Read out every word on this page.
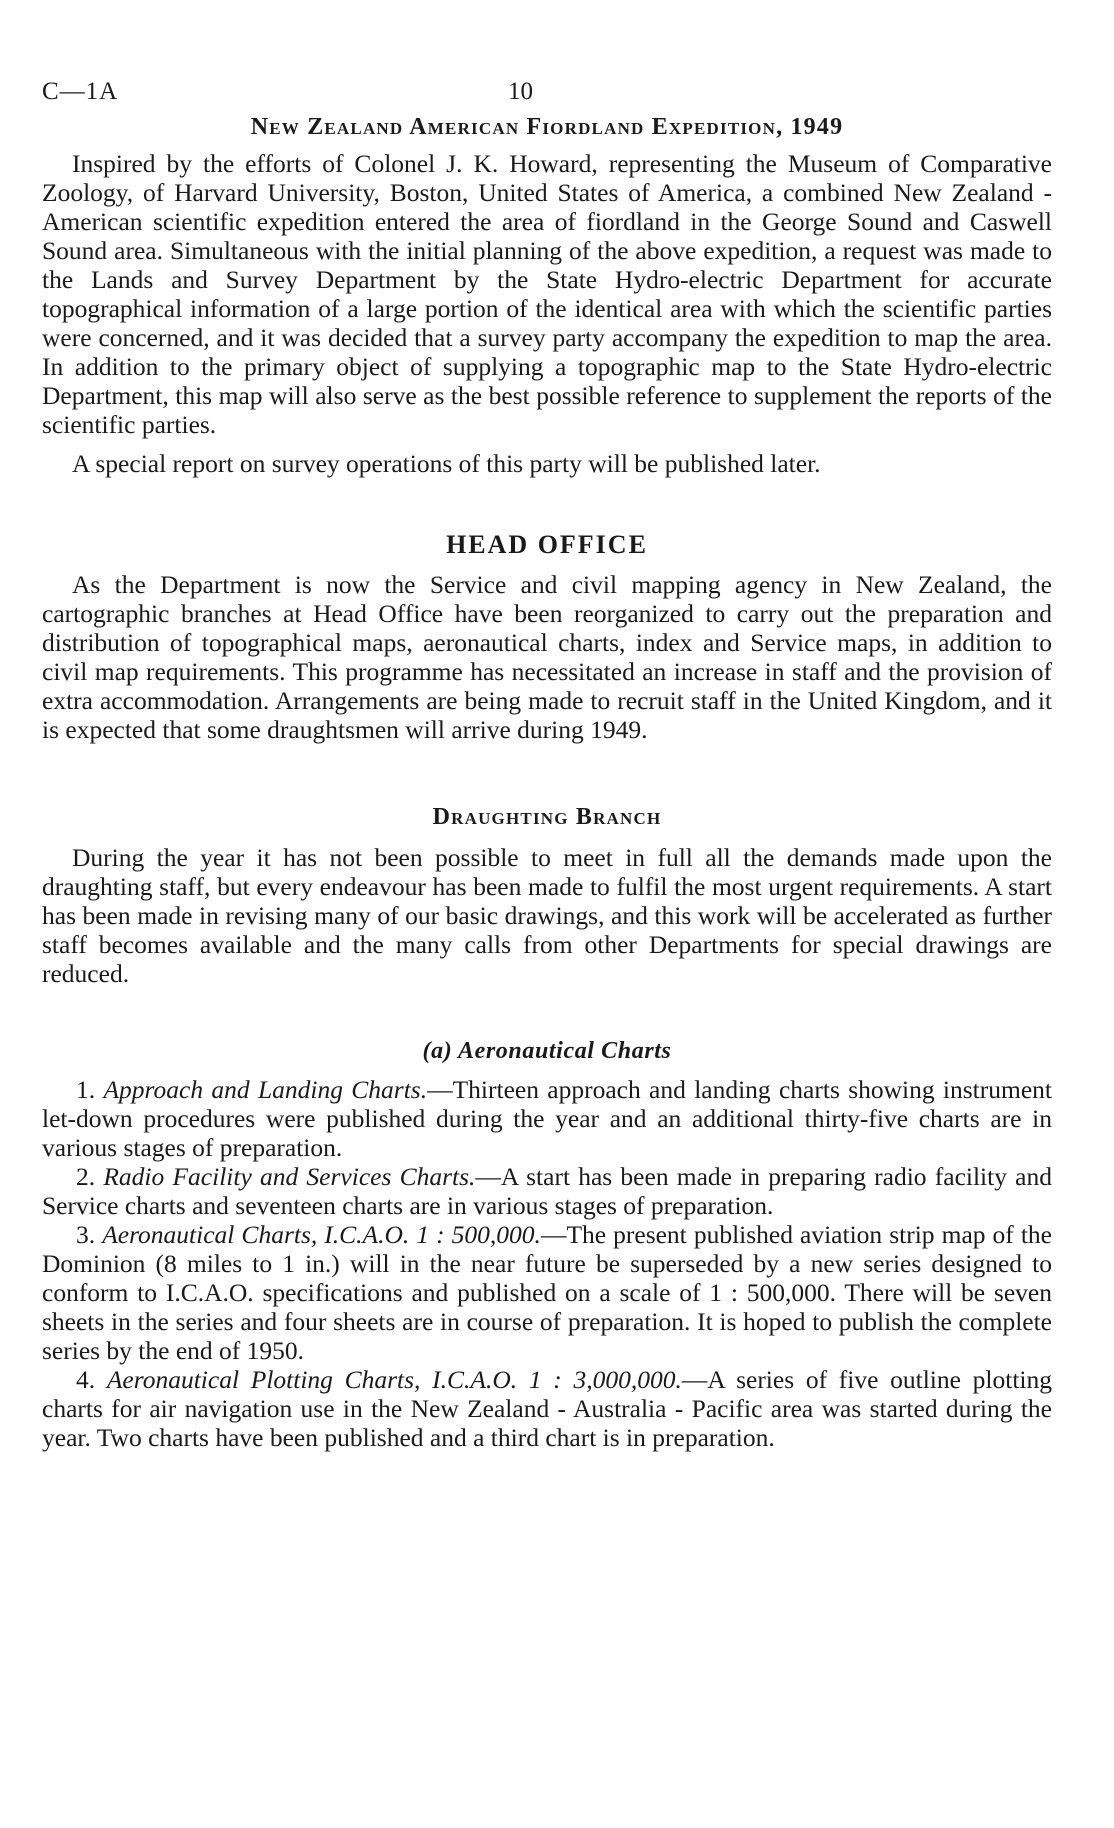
C—1A	10
New Zealand American Fiordland Expedition, 1949

Inspired by the efforts of Colonel J. K. Howard, representing the Museum of Comparative Zoology, of Harvard University, Boston, United States of America, a combined New Zealand - American scientific expedition entered the area of fiordland in the George Sound and Caswell Sound area. Simultaneous with the initial planning of the above expedition, a request was made to the Lands and Survey Department by the State Hydro-electric Department for accurate topographical information of a large portion of the identical area with which the scientific parties were concerned, and it was decided that a survey party accompany the expedition to map the area. In addition to the primary object of supplying a topographic map to the State Hydro-electric Department, this map will also serve as the best possible reference to supplement the reports of the scientific parties.

A special report on survey operations of this party will be published later.

HEAD OFFICE

As the Department is now the Service and civil mapping agency in New Zealand, the cartographic branches at Head Office have been reorganized to carry out the preparation and distribution of topographical maps, aeronautical charts, index and Service maps, in addition to civil map requirements. This programme has necessitated an increase in staff and the provision of extra accommodation. Arrangements are being made to recruit staff in the United Kingdom, and it is expected that some draughtsmen will arrive during 1949.

Draughting Branch

During the year it has not been possible to meet in full all the demands made upon the draughting staff, but every endeavour has been made to fulfil the most urgent requirements. A start has been made in revising many of our basic drawings, and this work will be accelerated as further staff becomes available and the many calls from other Departments for special drawings are reduced.

(a) Aeronautical Charts

1. Approach and Landing Charts.—Thirteen approach and landing charts showing instrument let-down procedures were published during the year and an additional thirty-five charts are in various stages of preparation.

2. Radio Facility and Services Charts.—A start has been made in preparing radio facility and Service charts and seventeen charts are in various stages of preparation.

3. Aeronautical Charts, I.C.A.O. 1 : 500,000.—The present published aviation strip map of the Dominion (8 miles to 1 in.) will in the near future be superseded by a new series designed to conform to I.C.A.O. specifications and published on a scale of 1 : 500,000. There will be seven sheets in the series and four sheets are in course of preparation. It is hoped to publish the complete series by the end of 1950.

4. Aeronautical Plotting Charts, I.C.A.O. 1 : 3,000,000.—A series of five outline plotting charts for air navigation use in the New Zealand - Australia - Pacific area was started during the year. Two charts have been published and a third chart is in preparation.
